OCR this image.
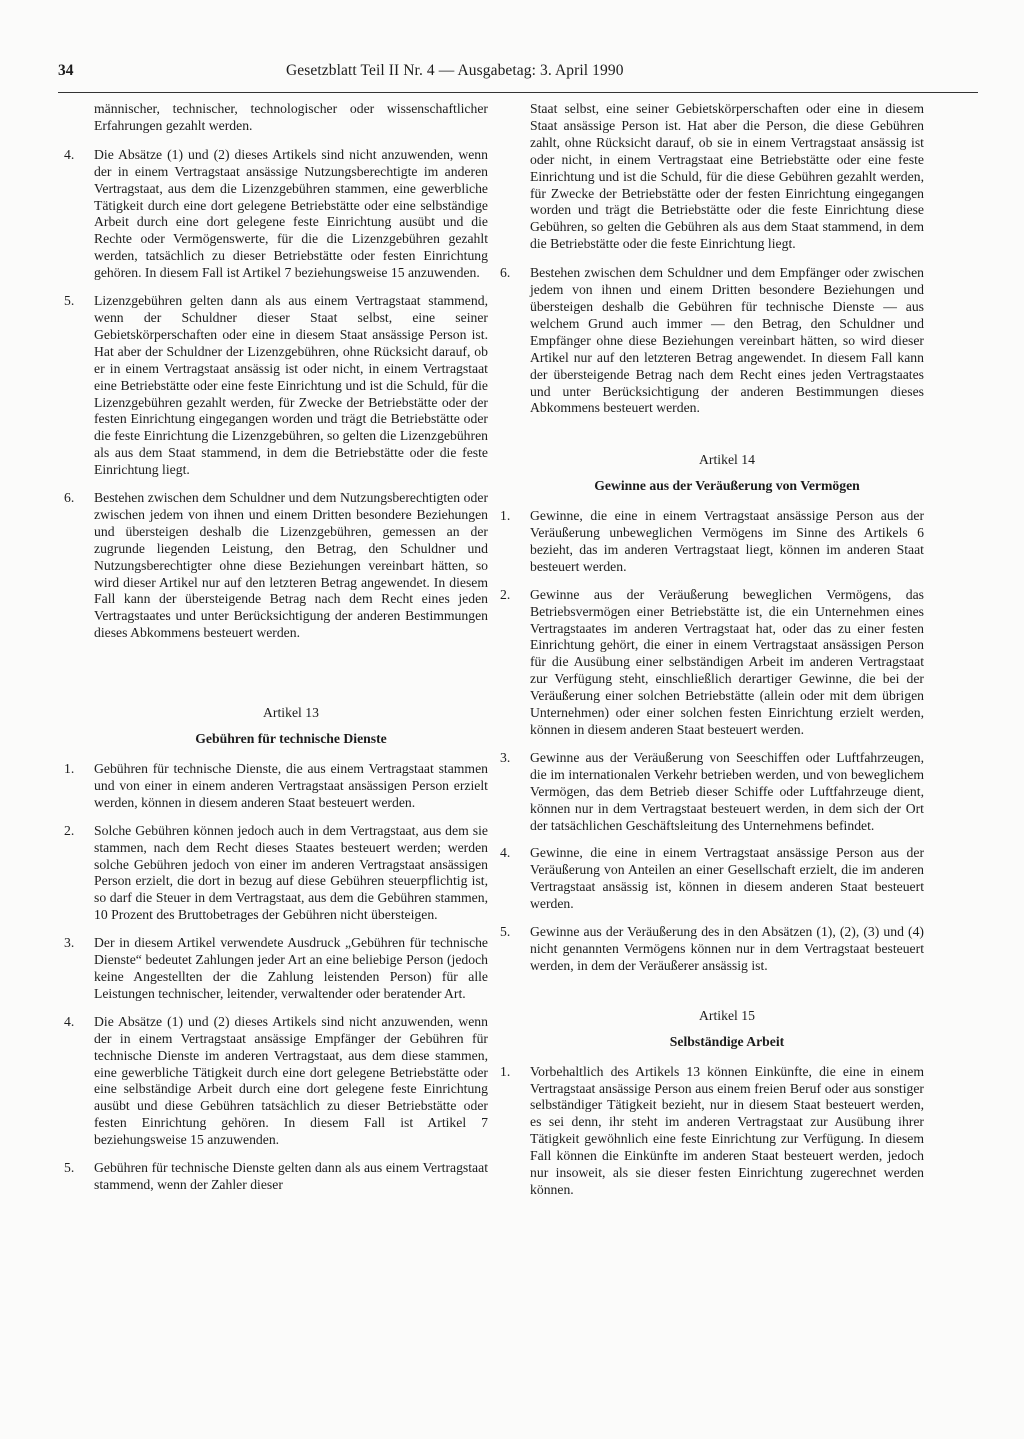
34	Gesetzblatt Teil II Nr. 4 — Ausgabetag: 3. April 1990

männischer, technischer, technologischer oder wissenschaftlicher Erfahrungen gezahlt werden.

4. Die Absätze (1) und (2) dieses Artikels sind nicht anzuwenden, wenn der in einem Vertragstaat ansässige Nutzungsberechtigte im anderen Vertragstaat, aus dem die Lizenzgebühren stammen, eine gewerbliche Tätigkeit durch eine dort gelegene Betriebstätte oder eine selbständige Arbeit durch eine dort gelegene feste Einrichtung ausübt und die Rechte oder Vermögenswerte, für die die Lizenzgebühren gezahlt werden, tatsächlich zu dieser Betriebstätte oder festen Einrichtung gehören. In diesem Fall ist Artikel 7 beziehungsweise 15 anzuwenden.
5. Lizenzgebühren gelten dann als aus einem Vertragstaat stammend, wenn der Schuldner dieser Staat selbst, eine seiner Gebietskörperschaften oder eine in diesem Staat ansässige Person ist. Hat aber der Schuldner der Lizenzgebühren, ohne Rücksicht darauf, ob er in einem Vertragstaat ansässig ist oder nicht, in einem Vertragstaat eine Betriebstätte oder eine feste Einrichtung und ist die Schuld, für die Lizenzgebühren gezahlt werden, für Zwecke der Betriebstätte oder der festen Einrichtung eingegangen worden und trägt die Betriebstätte oder die feste Einrichtung die Lizenzgebühren, so gelten die Lizenzgebühren als aus dem Staat stammend, in dem die Betriebstätte oder die feste Einrichtung liegt.
6. Bestehen zwischen dem Schuldner und dem Nutzungsberechtigten oder zwischen jedem von ihnen und einem Dritten besondere Beziehungen und übersteigen deshalb die Lizenzgebühren, gemessen an der zugrunde liegenden Leistung, den Betrag, den Schuldner und Nutzungsberechtigter ohne diese Beziehungen vereinbart hätten, so wird dieser Artikel nur auf den letzteren Betrag angewendet. In diesem Fall kann der übersteigende Betrag nach dem Recht eines jeden Vertragstaates und unter Berücksichtigung der anderen Bestimmungen dieses Abkommens besteuert werden.
Artikel 13
Gebühren für technische Dienste
1. Gebühren für technische Dienste, die aus einem Vertragstaat stammen und von einer in einem anderen Vertragstaat ansässigen Person erzielt werden, können in diesem anderen Staat besteuert werden.
2. Solche Gebühren können jedoch auch in dem Vertragstaat, aus dem sie stammen, nach dem Recht dieses Staates besteuert werden; werden solche Gebühren jedoch von einer im anderen Vertragstaat ansässigen Person erzielt, die dort in bezug auf diese Gebühren steuerpflichtig ist, so darf die Steuer in dem Vertragstaat, aus dem die Gebühren stammen, 10 Prozent des Bruttobetrages der Gebühren nicht übersteigen.
3. Der in diesem Artikel verwendete Ausdruck „Gebühren für technische Dienste“ bedeutet Zahlungen jeder Art an eine beliebige Person (jedoch keine Angestellten der die Zahlung leistenden Person) für alle Leistungen technischer, leitender, verwaltender oder beratender Art.
4. Die Absätze (1) und (2) dieses Artikels sind nicht anzuwenden, wenn der in einem Vertragstaat ansässige Empfänger der Gebühren für technische Dienste im anderen Vertragstaat, aus dem diese stammen, eine gewerbliche Tätigkeit durch eine dort gelegene Betriebstätte oder eine selbständige Arbeit durch eine dort gelegene feste Einrichtung ausübt und diese Gebühren tatsächlich zu dieser Betriebstätte oder festen Einrichtung gehören. In diesem Fall ist Artikel 7 beziehungsweise 15 anzuwenden.
5. Gebühren für technische Dienste gelten dann als aus einem Vertragstaat stammend, wenn der Zahler dieser

Staat selbst, eine seiner Gebietskörperschaften oder eine in diesem Staat ansässige Person ist. Hat aber die Person, die diese Gebühren zahlt, ohne Rücksicht darauf, ob sie in einem Vertragstaat ansässig ist oder nicht, in einem Vertragstaat eine Betriebstätte oder eine feste Einrichtung und ist die Schuld, für die diese Gebühren gezahlt werden, für Zwecke der Betriebstätte oder der festen Einrichtung eingegangen worden und trägt die Betriebstätte oder die feste Einrichtung diese Gebühren, so gelten die Gebühren als aus dem Staat stammend, in dem die Betriebstätte oder die feste Einrichtung liegt.

6. Bestehen zwischen dem Schuldner und dem Empfänger oder zwischen jedem von ihnen und einem Dritten besondere Beziehungen und übersteigen deshalb die Gebühren für technische Dienste — aus welchem Grund auch immer — den Betrag, den Schuldner und Empfänger ohne diese Beziehungen vereinbart hätten, so wird dieser Artikel nur auf den letzteren Betrag angewendet. In diesem Fall kann der übersteigende Betrag nach dem Recht eines jeden Vertragstaates und unter Berücksichtigung der anderen Bestimmungen dieses Abkommens besteuert werden.
Artikel 14
Gewinne aus der Veräußerung von Vermögen
1. Gewinne, die eine in einem Vertragstaat ansässige Person aus der Veräußerung unbeweglichen Vermögens im Sinne des Artikels 6 bezieht, das im anderen Vertragstaat liegt, können im anderen Staat besteuert werden.
2. Gewinne aus der Veräußerung beweglichen Vermögens, das Betriebsvermögen einer Betriebstätte ist, die ein Unternehmen eines Vertragstaates im anderen Vertragstaat hat, oder das zu einer festen Einrichtung gehört, die einer in einem Vertragstaat ansässigen Person für die Ausübung einer selbständigen Arbeit im anderen Vertragstaat zur Verfügung steht, einschließlich derartiger Gewinne, die bei der Veräußerung einer solchen Betriebstätte (allein oder mit dem übrigen Unternehmen) oder einer solchen festen Einrichtung erzielt werden, können in diesem anderen Staat besteuert werden.
3. Gewinne aus der Veräußerung von Seeschiffen oder Luftfahrzeugen, die im internationalen Verkehr betrieben werden, und von beweglichem Vermögen, das dem Betrieb dieser Schiffe oder Luftfahrzeuge dient, können nur in dem Vertragstaat besteuert werden, in dem sich der Ort der tatsächlichen Geschäftsleitung des Unternehmens befindet.
4. Gewinne, die eine in einem Vertragstaat ansässige Person aus der Veräußerung von Anteilen an einer Gesellschaft erzielt, die im anderen Vertragstaat ansässig ist, können in diesem anderen Staat besteuert werden.
5. Gewinne aus der Veräußerung des in den Absätzen (1), (2), (3) und (4) nicht genannten Vermögens können nur in dem Vertragstaat besteuert werden, in dem der Veräußerer ansässig ist.
Artikel 15
Selbständige Arbeit
1. Vorbehaltlich des Artikels 13 können Einkünfte, die eine in einem Vertragstaat ansässige Person aus einem freien Beruf oder aus sonstiger selbständiger Tätigkeit bezieht, nur in diesem Staat besteuert werden, es sei denn, ihr steht im anderen Vertragstaat zur Ausübung ihrer Tätigkeit gewöhnlich eine feste Einrichtung zur Verfügung. In diesem Fall können die Einkünfte im anderen Staat besteuert werden, jedoch nur insoweit, als sie dieser festen Einrichtung zugerechnet werden können.
